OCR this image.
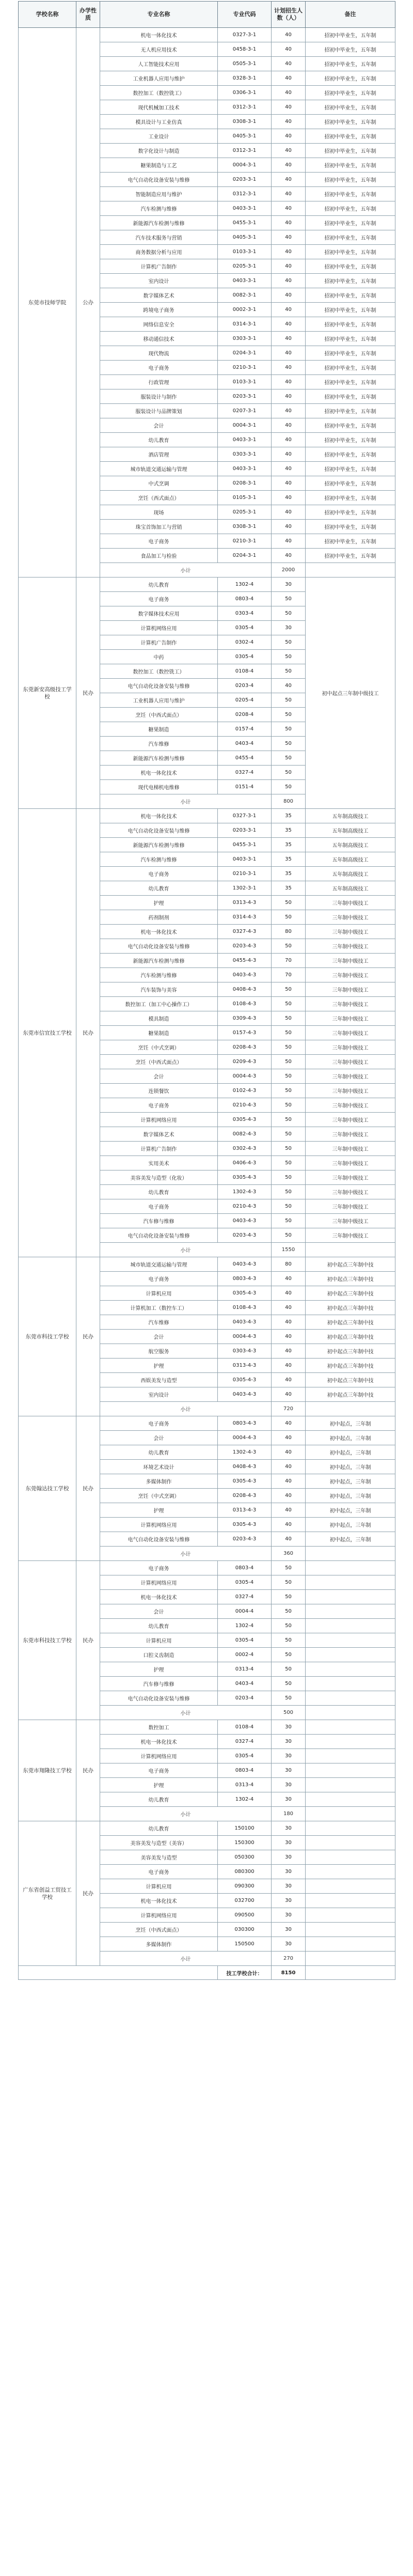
学校名称	办学性质	专业名称	专业代码	计划招生人数（人）	备注
东莞市技师学院	公办	机电一体化技术	0327-3-1	40	招初中毕业生，五年制
		无人机应用技术	0458-3-1	40	招初中毕业生，五年制
		人工智能技术应用	0505-3-1	40	招初中毕业生，五年制
		工业机器人应用与维护	0328-3-1	40	招初中毕业生，五年制
		数控加工（数控铣工）	0306-3-1	40	招初中毕业生，五年制
		现代机械加工技术	0312-3-1	40	招初中毕业生，五年制
		模具设计与工业仿真	0308-3-1	40	招初中毕业生，五年制
		工业设计	0405-3-1	40	招初中毕业生，五年制
		数字化设计与制造	0312-3-1	40	招初中毕业生，五年制
		糖果制造与工艺	0004-3-1	40	招初中毕业生，五年制
		电气自动化设备安装与维修	0203-3-1	40	招初中毕业生，五年制
		智能制造应用与维护	0312-3-1	40	招初中毕业生，五年制
		汽车检测与维修	0403-3-1	40	招初中毕业生，五年制
		新能源汽车检测与维修	0455-3-1	40	招初中毕业生，五年制
		汽车技术服务与营销	0405-3-1	40	招初中毕业生，五年制
		商务数据分析与应用	0103-3-1	40	招初中毕业生，五年制
		计算机广告制作	0205-3-1	40	招初中毕业生，五年制
		室内设计	0403-3-1	40	招初中毕业生，五年制
		数字媒体艺术	0082-3-1	40	招初中毕业生，五年制
		跨境电子商务	0002-3-1	40	招初中毕业生，五年制
		网络信息安全	0314-3-1	40	招初中毕业生，五年制
		移动通信技术	0303-3-1	40	招初中毕业生，五年制
		现代物流	0204-3-1	40	招初中毕业生，五年制
		电子商务	0210-3-1	40	招初中毕业生，五年制
		行政管理	0103-3-1	40	招初中毕业生，五年制
		服装设计与制作	0203-3-1	40	招初中毕业生，五年制
		服装设计与品牌策划	0207-3-1	40	招初中毕业生，五年制
		会计	0004-3-1	40	招初中毕业生，五年制
		幼儿教育	0403-3-1	40	招初中毕业生，五年制
		酒店管理	0303-3-1	40	招初中毕业生，五年制
		城市轨道交通运输与管理	0403-3-1	40	招初中毕业生，五年制
		中式烹调	0208-3-1	40	招初中毕业生，五年制
		烹饪（西式面点）	0105-3-1	40	招初中毕业生，五年制
		现场	0205-3-1	40	招初中毕业生，五年制
		珠宝首饰加工与营销	0308-3-1	40	招初中毕业生，五年制
		电子商务	0210-3-1	40	招初中毕业生，五年制
		食品加工与检验	0204-3-1	40	招初中毕业生，五年制
		小计		2000	
东莞新安高级技工学校	民办	幼儿教育	1302-4	30	初中起点三年制中级技工
		电子商务	0803-4	50	
		数字媒体技术应用	0303-4	50	
		计算机网络应用	0305-4	30	
		计算机广告制作	0302-4	50	
		中药	0305-4	50	
		数控加工（数控铣工）	0108-4	50	
		电气自动化设备安装与维修	0203-4	40	
		工业机器人应用与维护	0205-4	50	
		烹饪（中西式面点）	0208-4	50	
		糖果制造	0157-4	50	
		汽车维修	0403-4	50	
		新能源汽车检测与维修	0455-4	50	
		机电一体化技术	0327-4	50	
		现代电梯机电维修	0151-4	50	
		小计		800	
东莞市信宜技工学校	民办	机电一体化技术	0327-3-1	35	五年制高级技工
		电气自动化设备安装与维修	0203-3-1	35	五年制高级技工
		新能源汽车检测与维修	0455-3-1	35	五年制高级技工
		汽车检测与维修	0403-3-1	35	五年制高级技工
		电子商务	0210-3-1	35	五年制高级技工
		幼儿教育	1302-3-1	35	五年制高级技工
		护理	0313-4-3	50	三年制中级技工
		药剂制剂	0314-4-3	50	三年制中级技工
		机电一体化技术	0327-4-3	80	三年制中级技工
		电气自动化设备安装与维修	0203-4-3	50	三年制中级技工
		新能源汽车检测与维修	0455-4-3	70	三年制中级技工
		汽车检测与维修	0403-4-3	70	三年制中级技工
		汽车装饰与美容	0408-4-3	50	三年制中级技工
		数控加工（加工中心操作工）	0108-4-3	50	三年制中级技工
		模具制造	0309-4-3	50	三年制中级技工
		糖果制造	0157-4-3	50	三年制中级技工
		烹饪（中式烹调）	0208-4-3	50	三年制中级技工
		烹饪（中西式面点）	0209-4-3	50	三年制中级技工
		会计	0004-4-3	50	三年制中级技工
		连锁餐饮	0102-4-3	50	三年制中级技工
		电子商务	0210-4-3	50	三年制中级技工
		计算机网络应用	0305-4-3	50	三年制中级技工
		数字媒体艺术	0082-4-3	50	三年制中级技工
		计算机广告制作	0302-4-3	50	三年制中级技工
		实用美术	0406-4-3	50	三年制中级技工
		美容美发与造型（化妆）	0305-4-3	50	三年制中级技工
		幼儿教育	1302-4-3	50	三年制中级技工
		电子商务	0210-4-3	50	三年制中级技工
		汽车修与维修	0403-4-3	50	三年制中级技工
		电气自动化设备安装与维修	0203-4-3	50	三年制中级技工
		小计		1550	
东莞市科技工学校	民办	城市轨道交通运输与管理	0403-4-3	80	初中起点三年制中技
		电子商务	0803-4-3	40	初中起点三年制中技
		计算机应用	0305-4-3	40	初中起点三年制中技
		计算机加工（数控车工）	0108-4-3	40	初中起点三年制中技
		汽车维修	0403-4-3	40	初中起点三年制中技
		会计	0004-4-3	40	初中起点三年制中技
		航空服务	0303-4-3	40	初中起点三年制中技
		护理	0313-4-3	40	初中起点三年制中技
		西娱美发与造型	0305-4-3	40	初中起点三年制中技
		室内设计	0403-4-3	40	初中起点三年制中技
		小计		720	
东莞翰达技工学校	民办	电子商务	0803-4-3	40	初中起点，三年制
		会计	0004-4-3	40	初中起点，三年制
		幼儿教育	1302-4-3	40	初中起点，三年制
		环境艺术设计	0408-4-3	40	初中起点，三年制
		多媒体制作	0305-4-3	40	初中起点，三年制
		烹饪（中式烹调）	0208-4-3	40	初中起点，三年制
		护理	0313-4-3	40	初中起点，三年制
		计算机网络应用	0305-4-3	40	初中起点，三年制
		电气自动化设备安装与维修	0203-4-3	40	初中起点，三年制
		小计		360	
东莞市科技技工学校	民办	电子商务	0803-4	50	
		计算机网络应用	0305-4	50	
		机电一体化技术	0327-4	50	
		会计	0004-4	50	
		幼儿教育	1302-4	50	
		计算机应用	0305-4	50	
		口腔义齿制造	0002-4	50	
		护理	0313-4	50	
		汽车修与维修	0403-4	50	
		电气自动化设备安装与维修	0203-4	50	
		小计		500	
东莞市翔隆技工学校	民办	数控加工	0108-4	30	
		机电一体化技术	0327-4	30	
		计算机网络应用	0305-4	30	
		电子商务	0803-4	30	
		护理	0313-4	30	
		幼儿教育	1302-4	30	
		小计		180	
广东省创益工贸技工学校	民办	幼儿教育	150100	30	
		美容美发与造型（美容）	150300	30	
		美容美发与造型	050300	30	
		电子商务	080300	30	
		计算机应用	090300	30	
		机电一体化技术	032700	30	
		计算机网络应用	090500	30	
		烹饪（中西式面点）	030300	30	
		多媒体制作	150500	30	
		小计		270	
			技工学校合计：	8150	
